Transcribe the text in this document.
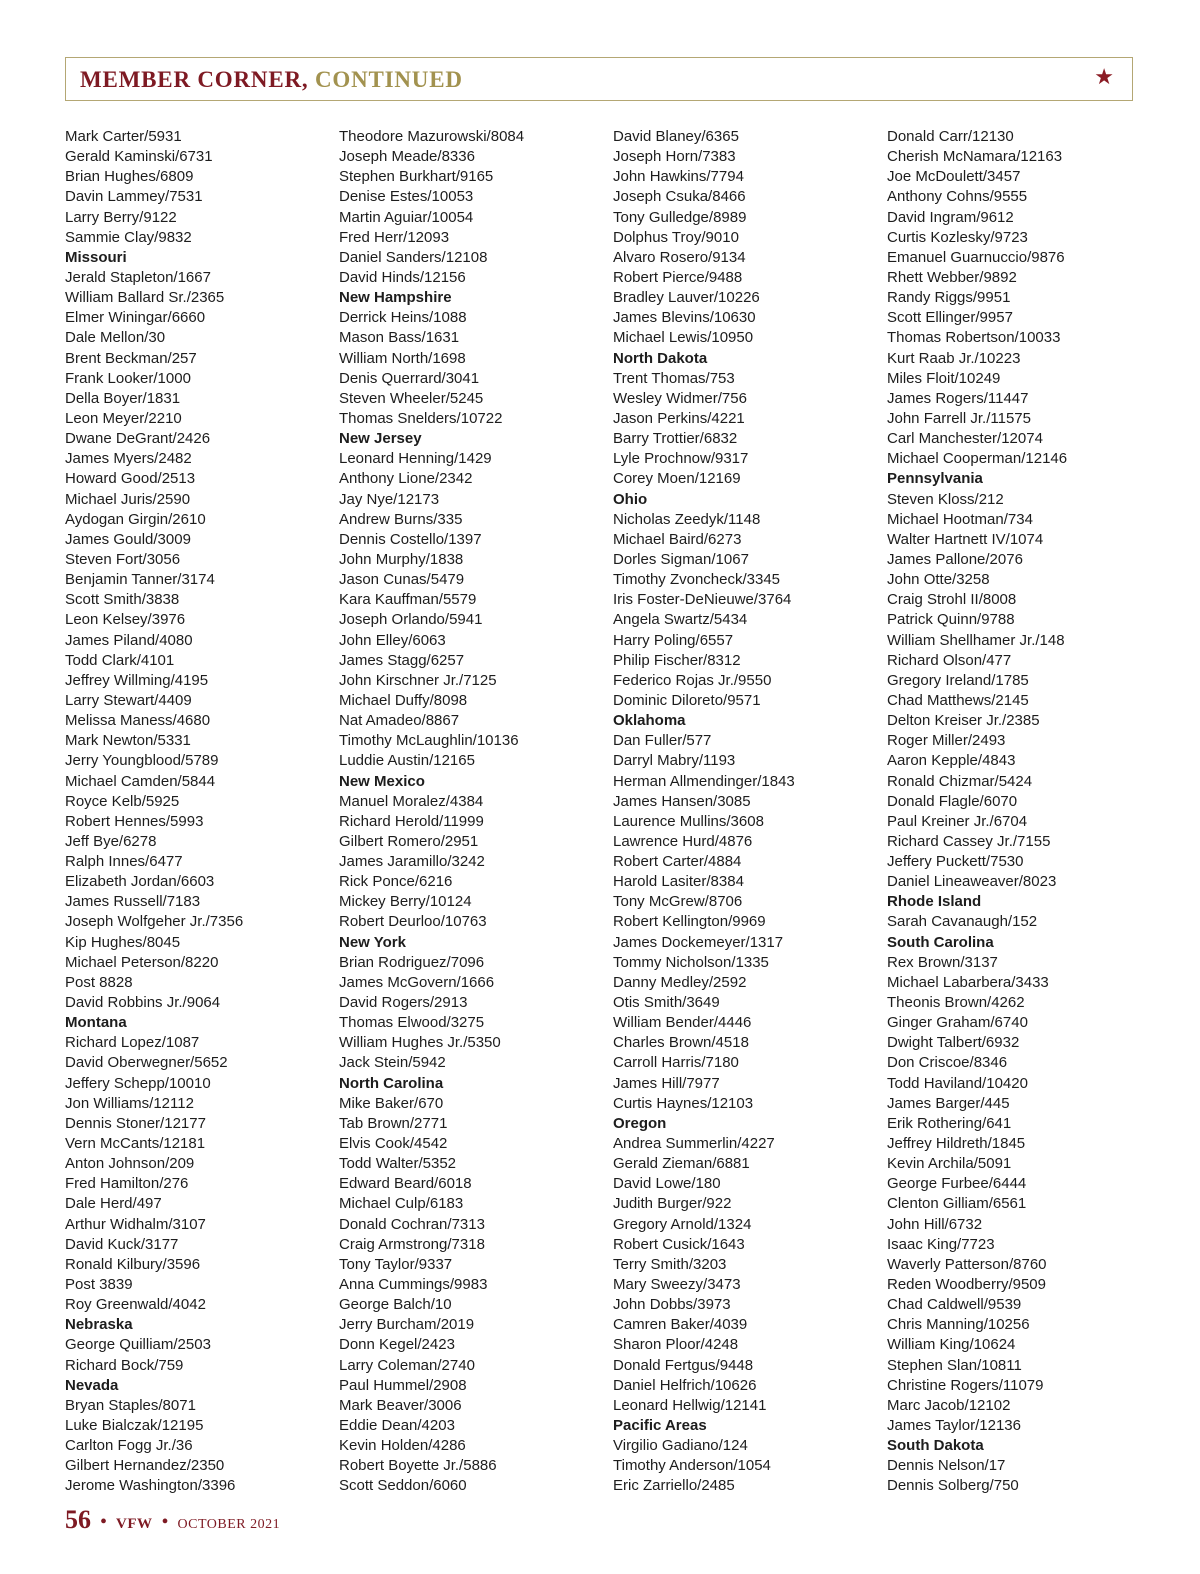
MEMBER CORNER, CONTINUED	★
Mark Carter/5931
Gerald Kaminski/6731
Brian Hughes/6809
Davin Lammey/7531
Larry Berry/9122
Sammie Clay/9832
Missouri
Jerald Stapleton/1667
William Ballard Sr./2365
Elmer Winingar/6660
Dale Mellon/30
Brent Beckman/257
Frank Looker/1000
Della Boyer/1831
Leon Meyer/2210
Dwane DeGrant/2426
James Myers/2482
Howard Good/2513
Michael Juris/2590
Aydogan Girgin/2610
James Gould/3009
Steven Fort/3056
Benjamin Tanner/3174
Scott Smith/3838
Leon Kelsey/3976
James Piland/4080
Todd Clark/4101
Jeffrey Willming/4195
Larry Stewart/4409
Melissa Maness/4680
Mark Newton/5331
Jerry Youngblood/5789
Michael Camden/5844
Royce Kelb/5925
Robert Hennes/5993
Jeff Bye/6278
Ralph Innes/6477
Elizabeth Jordan/6603
James Russell/7183
Joseph Wolfgeher Jr./7356
Kip Hughes/8045
Michael Peterson/8220
Post 8828
David Robbins Jr./9064
Montana
Richard Lopez/1087
David Oberwegner/5652
Jeffery Schepp/10010
Jon Williams/12112
Dennis Stoner/12177
Vern McCants/12181
Anton Johnson/209
Fred Hamilton/276
Dale Herd/497
Arthur Widhalm/3107
David Kuck/3177
Ronald Kilbury/3596
Post 3839
Roy Greenwald/4042
Nebraska
George Quilliam/2503
Richard Bock/759
Nevada
Bryan Staples/8071
Luke Bialczak/12195
Carlton Fogg Jr./36
Gilbert Hernandez/2350
Jerome Washington/3396
Theodore Mazurowski/8084
Joseph Meade/8336
Stephen Burkhart/9165
Denise Estes/10053
Martin Aguiar/10054
Fred Herr/12093
Daniel Sanders/12108
David Hinds/12156
New Hampshire
Derrick Heins/1088
Mason Bass/1631
William North/1698
Denis Querrard/3041
Steven Wheeler/5245
Thomas Snelders/10722
New Jersey
Leonard Henning/1429
Anthony Lione/2342
Jay Nye/12173
Andrew Burns/335
Dennis Costello/1397
John Murphy/1838
Jason Cunas/5479
Kara Kauffman/5579
Joseph Orlando/5941
John Elley/6063
James Stagg/6257
John Kirschner Jr./7125
Michael Duffy/8098
Nat Amadeo/8867
Timothy McLaughlin/10136
Luddie Austin/12165
New Mexico
Manuel Moralez/4384
Richard Herold/11999
Gilbert Romero/2951
James Jaramillo/3242
Rick Ponce/6216
Mickey Berry/10124
Robert Deurloo/10763
New York
Brian Rodriguez/7096
James McGovern/1666
David Rogers/2913
Thomas Elwood/3275
William Hughes Jr./5350
Jack Stein/5942
North Carolina
Mike Baker/670
Tab Brown/2771
Elvis Cook/4542
Todd Walter/5352
Edward Beard/6018
Michael Culp/6183
Donald Cochran/7313
Craig Armstrong/7318
Tony Taylor/9337
Anna Cummings/9983
George Balch/10
Jerry Burcham/2019
Donn Kegel/2423
Larry Coleman/2740
Paul Hummel/2908
Mark Beaver/3006
Eddie Dean/4203
Kevin Holden/4286
Robert Boyette Jr./5886
Scott Seddon/6060
David Blaney/6365
Joseph Horn/7383
John Hawkins/7794
Joseph Csuka/8466
Tony Gulledge/8989
Dolphus Troy/9010
Alvaro Rosero/9134
Robert Pierce/9488
Bradley Lauver/10226
James Blevins/10630
Michael Lewis/10950
North Dakota
Trent Thomas/753
Wesley Widmer/756
Jason Perkins/4221
Barry Trottier/6832
Lyle Prochnow/9317
Corey Moen/12169
Ohio
Nicholas Zeedyk/1148
Michael Baird/6273
Dorles Sigman/1067
Timothy Zvoncheck/3345
Iris Foster-DeNieuwe/3764
Angela Swartz/5434
Harry Poling/6557
Philip Fischer/8312
Federico Rojas Jr./9550
Dominic Diloreto/9571
Oklahoma
Dan Fuller/577
Darryl Mabry/1193
Herman Allmendinger/1843
James Hansen/3085
Laurence Mullins/3608
Lawrence Hurd/4876
Robert Carter/4884
Harold Lasiter/8384
Tony McGrew/8706
Robert Kellington/9969
James Dockemeyer/1317
Tommy Nicholson/1335
Danny Medley/2592
Otis Smith/3649
William Bender/4446
Charles Brown/4518
Carroll Harris/7180
James Hill/7977
Curtis Haynes/12103
Oregon
Andrea Summerlin/4227
Gerald Zieman/6881
David Lowe/180
Judith Burger/922
Gregory Arnold/1324
Robert Cusick/1643
Terry Smith/3203
Mary Sweezy/3473
John Dobbs/3973
Camren Baker/4039
Sharon Ploor/4248
Donald Fertgus/9448
Daniel Helfrich/10626
Leonard Hellwig/12141
Pacific Areas
Virgilio Gadiano/124
Timothy Anderson/1054
Eric Zarriello/2485
Donald Carr/12130
Cherish McNamara/12163
Joe McDoulett/3457
Anthony Cohns/9555
David Ingram/9612
Curtis Kozlesky/9723
Emanuel Guarnuccio/9876
Rhett Webber/9892
Randy Riggs/9951
Scott Ellinger/9957
Thomas Robertson/10033
Kurt Raab Jr./10223
Miles Floit/10249
James Rogers/11447
John Farrell Jr./11575
Carl Manchester/12074
Michael Cooperman/12146
Pennsylvania
Steven Kloss/212
Michael Hootman/734
Walter Hartnett IV/1074
James Pallone/2076
John Otte/3258
Craig Strohl II/8008
Patrick Quinn/9788
William Shellhamer Jr./148
Richard Olson/477
Gregory Ireland/1785
Chad Matthews/2145
Delton Kreiser Jr./2385
Roger Miller/2493
Aaron Kepple/4843
Ronald Chizmar/5424
Donald Flagle/6070
Paul Kreiner Jr./6704
Richard Cassey Jr./7155
Jeffery Puckett/7530
Daniel Lineaweaver/8023
Rhode Island
Sarah Cavanaugh/152
South Carolina
Rex Brown/3137
Michael Labarbera/3433
Theonis Brown/4262
Ginger Graham/6740
Dwight Talbert/6932
Don Criscoe/8346
Todd Haviland/10420
James Barger/445
Erik Rothering/641
Jeffrey Hildreth/1845
Kevin Archila/5091
George Furbee/6444
Clenton Gilliam/6561
John Hill/6732
Isaac King/7723
Waverly Patterson/8760
Reden Woodberry/9509
Chad Caldwell/9539
Chris Manning/10256
William King/10624
Stephen Slan/10811
Christine Rogers/11079
Marc Jacob/12102
James Taylor/12136
South Dakota
Dennis Nelson/17
Dennis Solberg/750
56 • VFW • OCTOBER 2021
